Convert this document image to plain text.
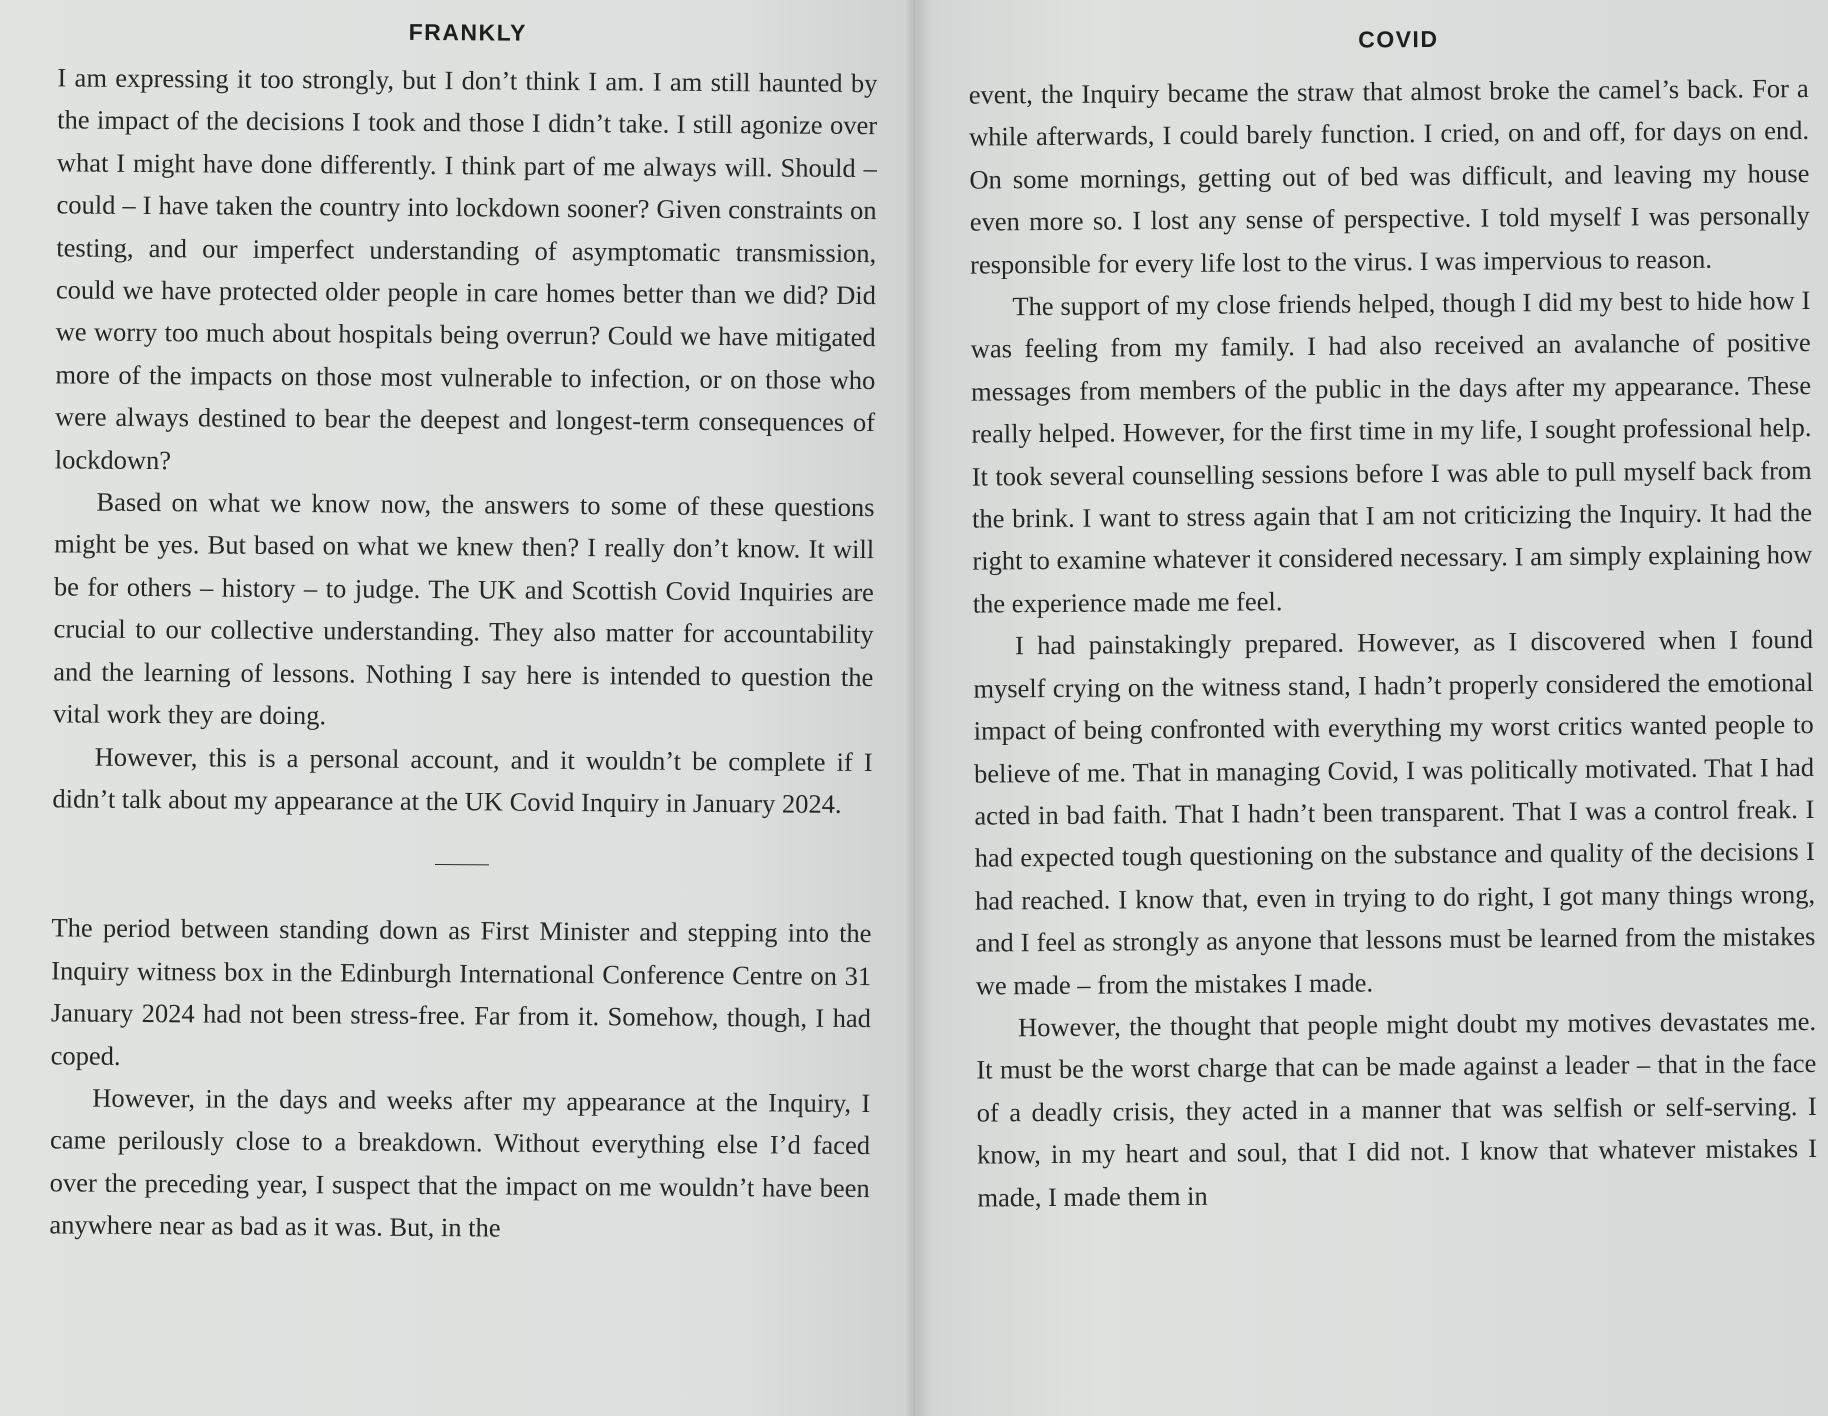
FRANKLY

I am expressing it too strongly, but I don’t think I am. I am still haunted by the impact of the decisions I took and those I didn’t take. I still agonize over what I might have done differently. I think part of me always will. Should – could – I have taken the country into lockdown sooner? Given constraints on testing, and our imperfect understanding of asymptomatic transmission, could we have protected older people in care homes better than we did? Did we worry too much about hospitals being overrun? Could we have mitigated more of the impacts on those most vulnerable to infection, or on those who were always destined to bear the deepest and longest-term consequences of lockdown?

Based on what we know now, the answers to some of these questions might be yes. But based on what we knew then? I really don’t know. It will be for others – history – to judge. The UK and Scottish Covid Inquiries are crucial to our collective understanding. They also matter for accountability and the learning of lessons. Nothing I say here is intended to question the vital work they are doing.

However, this is a personal account, and it wouldn’t be complete if I didn’t talk about my appearance at the UK Covid Inquiry in January 2024.

The period between standing down as First Minister and stepping into the Inquiry witness box in the Edinburgh International Conference Centre on 31 January 2024 had not been stress-free. Far from it. Somehow, though, I had coped.

However, in the days and weeks after my appearance at the Inquiry, I came perilously close to a breakdown. Without everything else I’d faced over the preceding year, I suspect that the impact on me wouldn’t have been anywhere near as bad as it was. But, in the

COVID

event, the Inquiry became the straw that almost broke the camel’s back. For a while afterwards, I could barely function. I cried, on and off, for days on end. On some mornings, getting out of bed was difficult, and leaving my house even more so. I lost any sense of perspective. I told myself I was personally responsible for every life lost to the virus. I was impervious to reason.

The support of my close friends helped, though I did my best to hide how I was feeling from my family. I had also received an avalanche of positive messages from members of the public in the days after my appearance. These really helped. However, for the first time in my life, I sought professional help. It took several counselling sessions before I was able to pull myself back from the brink. I want to stress again that I am not criticizing the Inquiry. It had the right to examine whatever it considered necessary. I am simply explaining how the experience made me feel.

I had painstakingly prepared. However, as I discovered when I found myself crying on the witness stand, I hadn’t properly considered the emotional impact of being confronted with everything my worst critics wanted people to believe of me. That in managing Covid, I was politically motivated. That I had acted in bad faith. That I hadn’t been transparent. That I was a control freak. I had expected tough questioning on the substance and quality of the decisions I had reached. I know that, even in trying to do right, I got many things wrong, and I feel as strongly as anyone that lessons must be learned from the mistakes we made – from the mistakes I made.

However, the thought that people might doubt my motives devastates me. It must be the worst charge that can be made against a leader – that in the face of a deadly crisis, they acted in a manner that was selfish or self-serving. I know, in my heart and soul, that I did not. I know that whatever mistakes I made, I made them in
